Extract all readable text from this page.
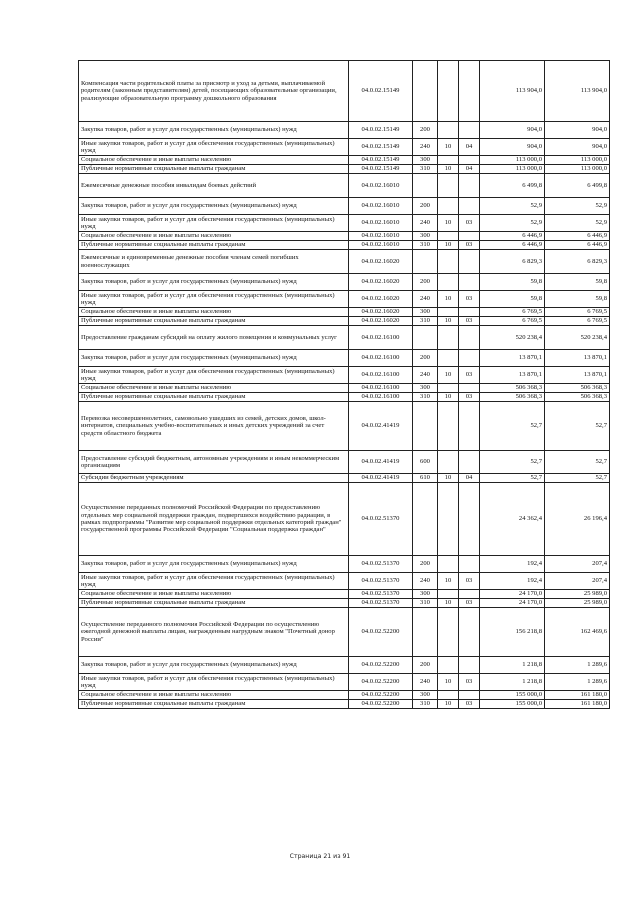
Компенсация части родительской платы за присмотр и уход за детьми, выплачиваемой родителям (законным представителям) детей, посещающих образовательные организации, реализующие образовательную программу дошкольного образования	04.0.02.15149				113 904,0	113 904,0
Закупка товаров, работ и услуг для государственных (муниципальных) нужд	04.0.02.15149	200			904,0	904,0
Иные закупки товаров, работ и услуг для обеспечения государственных (муниципальных) нужд	04.0.02.15149	240	10	04	904,0	904,0
Социальное обеспечение и иные выплаты населению	04.0.02.15149	300			113 000,0	113 000,0
Публичные нормативные социальные выплаты гражданам	04.0.02.15149	310	10	04	113 000,0	113 000,0
Ежемесячные денежные пособия инвалидам боевых действий	04.0.02.16010				6 499,8	6 499,8
Закупка товаров, работ и услуг для государственных (муниципальных) нужд	04.0.02.16010	200			52,9	52,9
Иные закупки товаров, работ и услуг для обеспечения государственных (муниципальных) нужд	04.0.02.16010	240	10	03	52,9	52,9
Социальное обеспечение и иные выплаты населению	04.0.02.16010	300			6 446,9	6 446,9
Публичные нормативные социальные выплаты гражданам	04.0.02.16010	310	10	03	6 446,9	6 446,9
Ежемесячные и единовременные денежные пособия членам семей погибших военнослужащих	04.0.02.16020				6 829,3	6 829,3
Закупка товаров, работ и услуг для государственных (муниципальных) нужд	04.0.02.16020	200			59,8	59,8
Иные закупки товаров, работ и услуг для обеспечения государственных (муниципальных) нужд	04.0.02.16020	240	10	03	59,8	59,8
Социальное обеспечение и иные выплаты населению	04.0.02.16020	300			6 769,5	6 769,5
Публичные нормативные социальные выплаты гражданам	04.0.02.16020	310	10	03	6 769,5	6 769,5
Предоставление гражданам субсидий на оплату жилого помещения и коммунальных услуг	04.0.02.16100				520 238,4	520 238,4
Закупка товаров, работ и услуг для государственных (муниципальных) нужд	04.0.02.16100	200			13 870,1	13 870,1
Иные закупки товаров, работ и услуг для обеспечения государственных (муниципальных) нужд	04.0.02.16100	240	10	03	13 870,1	13 870,1
Социальное обеспечение и иные выплаты населению	04.0.02.16100	300			506 368,3	506 368,3
Публичные нормативные социальные выплаты гражданам	04.0.02.16100	310	10	03	506 368,3	506 368,3
Перевозка несовершеннолетних, самовольно ушедших из семей, детских домов, школ-интернатов, специальных учебно-воспитательных и иных детских учреждений за счет средств областного бюджета	04.0.02.41419				52,7	52,7
Предоставление субсидий бюджетным, автономным учреждениям и иным некоммерческим организациям	04.0.02.41419	600			52,7	52,7
Субсидии бюджетным учреждениям	04.0.02.41419	610	10	04	52,7	52,7
Осуществление переданных полномочий Российской Федерации по предоставлению отдельных мер социальной поддержки граждан, подвергшихся воздействию радиации, в рамках подпрограммы "Развитие мер социальной поддержки отдельных категорий граждан" государственной программы Российской Федерации "Социальная поддержка граждан"	04.0.02.51370				24 362,4	26 196,4
Закупка товаров, работ и услуг для государственных (муниципальных) нужд	04.0.02.51370	200			192,4	207,4
Иные закупки товаров, работ и услуг для обеспечения государственных (муниципальных) нужд	04.0.02.51370	240	10	03	192,4	207,4
Социальное обеспечение и иные выплаты населению	04.0.02.51370	300			24 170,0	25 989,0
Публичные нормативные социальные выплаты гражданам	04.0.02.51370	310	10	03	24 170,0	25 989,0
Осуществление переданного полномочия Российской Федерации по осуществлению ежегодной денежной выплаты лицам, награжденным нагрудным знаком "Почетный донор России"	04.0.02.52200				156 218,8	162 469,6
Закупка товаров, работ и услуг для государственных (муниципальных) нужд	04.0.02.52200	200			1 218,8	1 289,6
Иные закупки товаров, работ и услуг для обеспечения государственных (муниципальных) нужд	04.0.02.52200	240	10	03	1 218,8	1 289,6
Социальное обеспечение и иные выплаты населению	04.0.02.52200	300			155 000,0	161 180,0
Публичные нормативные социальные выплаты гражданам	04.0.02.52200	310	10	03	155 000,0	161 180,0
Страница 21 из 91
